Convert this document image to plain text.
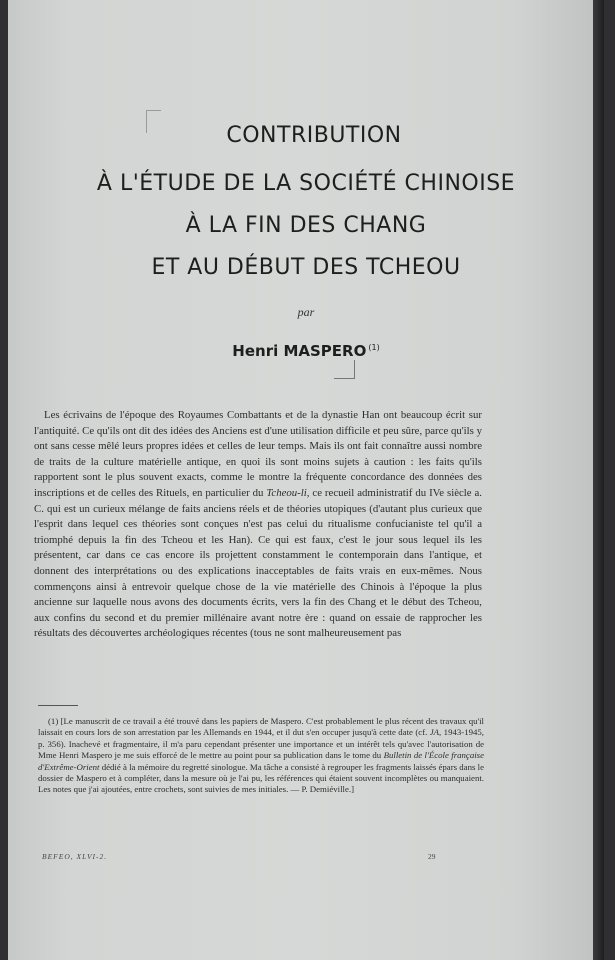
CONTRIBUTION
À L'ÉTUDE DE LA SOCIÉTÉ CHINOISE
À LA FIN DES CHANG
ET AU DÉBUT DES TCHEOU
par
Henri MASPERO $^{(1)}$
Les écrivains de l'époque des Royaumes Combattants et de la dynastie Han ont beaucoup écrit sur l'antiquité. Ce qu'ils ont dit des idées des Anciens est d'une utilisation difficile et peu sûre, parce qu'ils y ont sans cesse mêlé leurs propres idées et celles de leur temps. Mais ils ont fait connaître aussi nombre de traits de la culture matérielle antique, en quoi ils sont moins sujets à caution : les faits qu'ils rapportent sont le plus souvent exacts, comme le montre la fréquente concordance des données des inscriptions et de celles des Rituels, en particulier du Tcheou-li, ce recueil administratif du IVe siècle a. C. qui est un curieux mélange de faits anciens réels et de théories utopiques (d'autant plus curieux que l'esprit dans lequel ces théories sont conçues n'est pas celui du ritualisme confucianiste tel qu'il a triomphé depuis la fin des Tcheou et les Han). Ce qui est faux, c'est le jour sous lequel ils les présentent, car dans ce cas encore ils projettent constamment le contemporain dans l'antique, et donnent des interprétations ou des explications inacceptables de faits vrais en eux-mêmes. Nous commençons ainsi à entrevoir quelque chose de la vie matérielle des Chinois à l'époque la plus ancienne sur laquelle nous avons des documents écrits, vers la fin des Chang et le début des Tcheou, aux confins du second et du premier millénaire avant notre ère : quand on essaie de rapprocher les résultats des découvertes archéologiques récentes (tous ne sont malheureusement pas
(1) [Le manuscrit de ce travail a été trouvé dans les papiers de Maspero. C'est probablement le plus récent des travaux qu'il laissait en cours lors de son arrestation par les Allemands en 1944, et il dut s'en occuper jusqu'à cette date (cf. JA, 1943-1945, p. 356). Inachevé et fragmentaire, il m'a paru cependant présenter une importance et un intérêt tels qu'avec l'autorisation de Mme Henri Maspero je me suis efforcé de le mettre au point pour sa publication dans le tome du Bulletin de l'École française d'Extrême-Orient dédié à la mémoire du regretté sinologue. Ma tâche a consisté à regrouper les fragments laissés épars dans le dossier de Maspero et à compléter, dans la mesure où je l'ai pu, les références qui étaient souvent incomplètes ou manquaient. Les notes que j'ai ajoutées, entre crochets, sont suivies de mes initiales. — P. Demiéville.]
BEFEO, XLVI-2.	29
